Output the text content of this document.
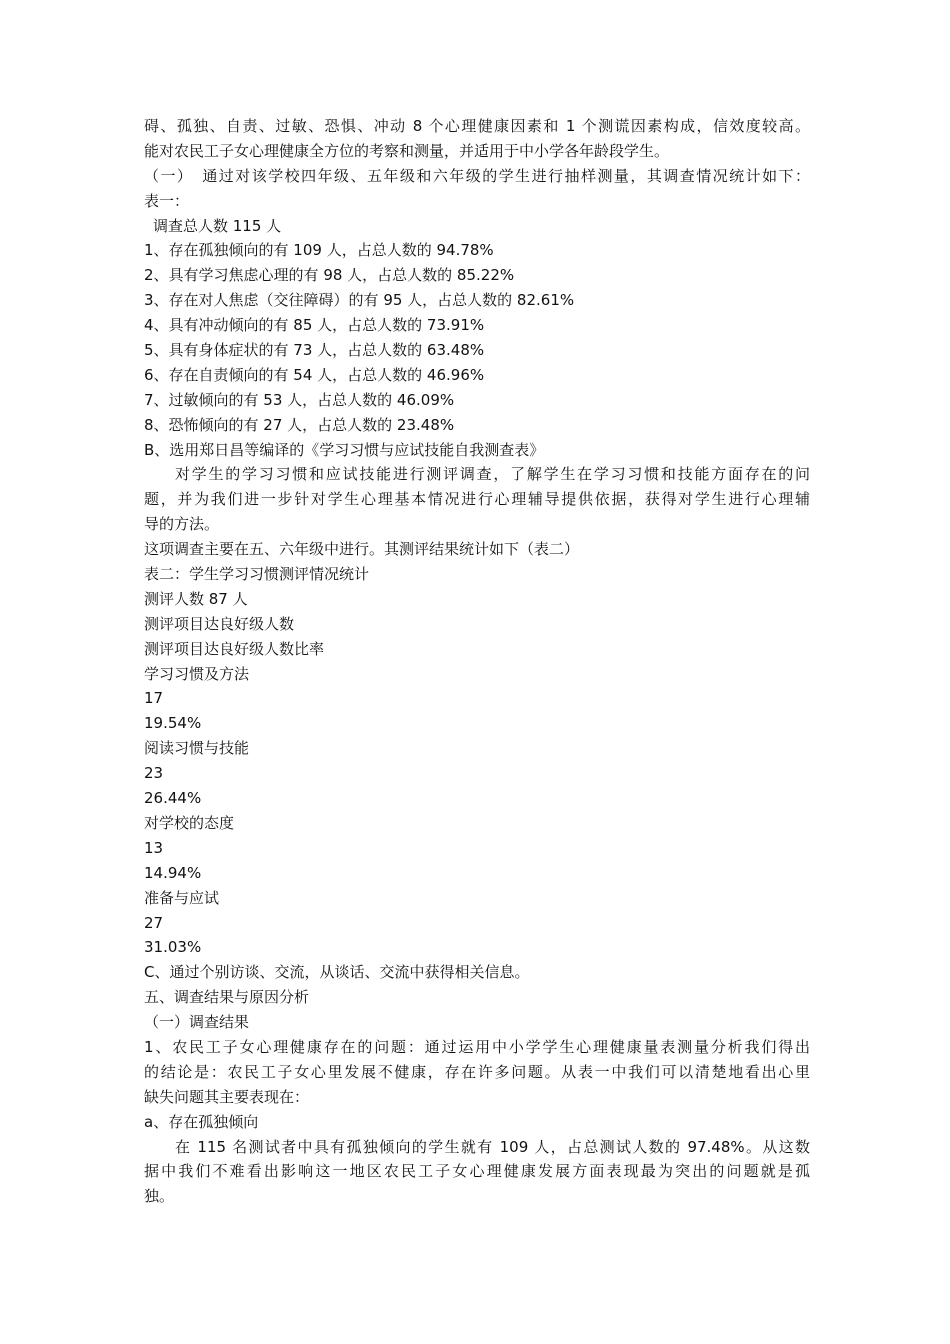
碍、孤独、自责、过敏、恐惧、冲动 8 个心理健康因素和 1 个测谎因素构成，信效度较高。
能对农民工子女心理健康全方位的考察和测量，并适用于中小学各年龄段学生。
（一）　通过对该学校四年级、五年级和六年级的学生进行抽样测量，其调查情况统计如下：
表一：
调查总人数 115 人
1、存在孤独倾向的有 109 人，占总人数的 94.78%
2、具有学习焦虑心理的有 98 人，占总人数的 85.22%
3、存在对人焦虑（交往障碍）的有 95 人，占总人数的 82.61%
4、具有冲动倾向的有 85 人，占总人数的 73.91%
5、具有身体症状的有 73 人，占总人数的 63.48%
6、存在自责倾向的有 54 人，占总人数的 46.96%
7、过敏倾向的有 53 人，占总人数的 46.09%
8、恐怖倾向的有 27 人，占总人数的 23.48%
B、选用郑日昌等编译的《学习习惯与应试技能自我测查表》
对学生的学习习惯和应试技能进行测评调查，了解学生在学习习惯和技能方面存在的问
题，并为我们进一步针对学生心理基本情况进行心理辅导提供依据，获得对学生进行心理辅
导的方法。
这项调查主要在五、六年级中进行。其测评结果统计如下（表二）
表二：学生学习习惯测评情况统计
测评人数 87 人
测评项目达良好级人数
测评项目达良好级人数比率
学习习惯及方法
17
19.54%
阅读习惯与技能
23
26.44%
对学校的态度
13
14.94%
准备与应试
27
31.03%
C、通过个别访谈、交流，从谈话、交流中获得相关信息。
五、调查结果与原因分析
（一）调查结果
1、农民工子女心理健康存在的问题：通过运用中小学学生心理健康量表测量分析我们得出
的结论是：农民工子女心里发展不健康，存在许多问题。从表一中我们可以清楚地看出心里
缺失问题其主要表现在：
a、存在孤独倾向
在 115 名测试者中具有孤独倾向的学生就有 109 人，占总测试人数的 97.48%。从这数
据中我们不难看出影响这一地区农民工子女心理健康发展方面表现最为突出的问题就是孤
独。
